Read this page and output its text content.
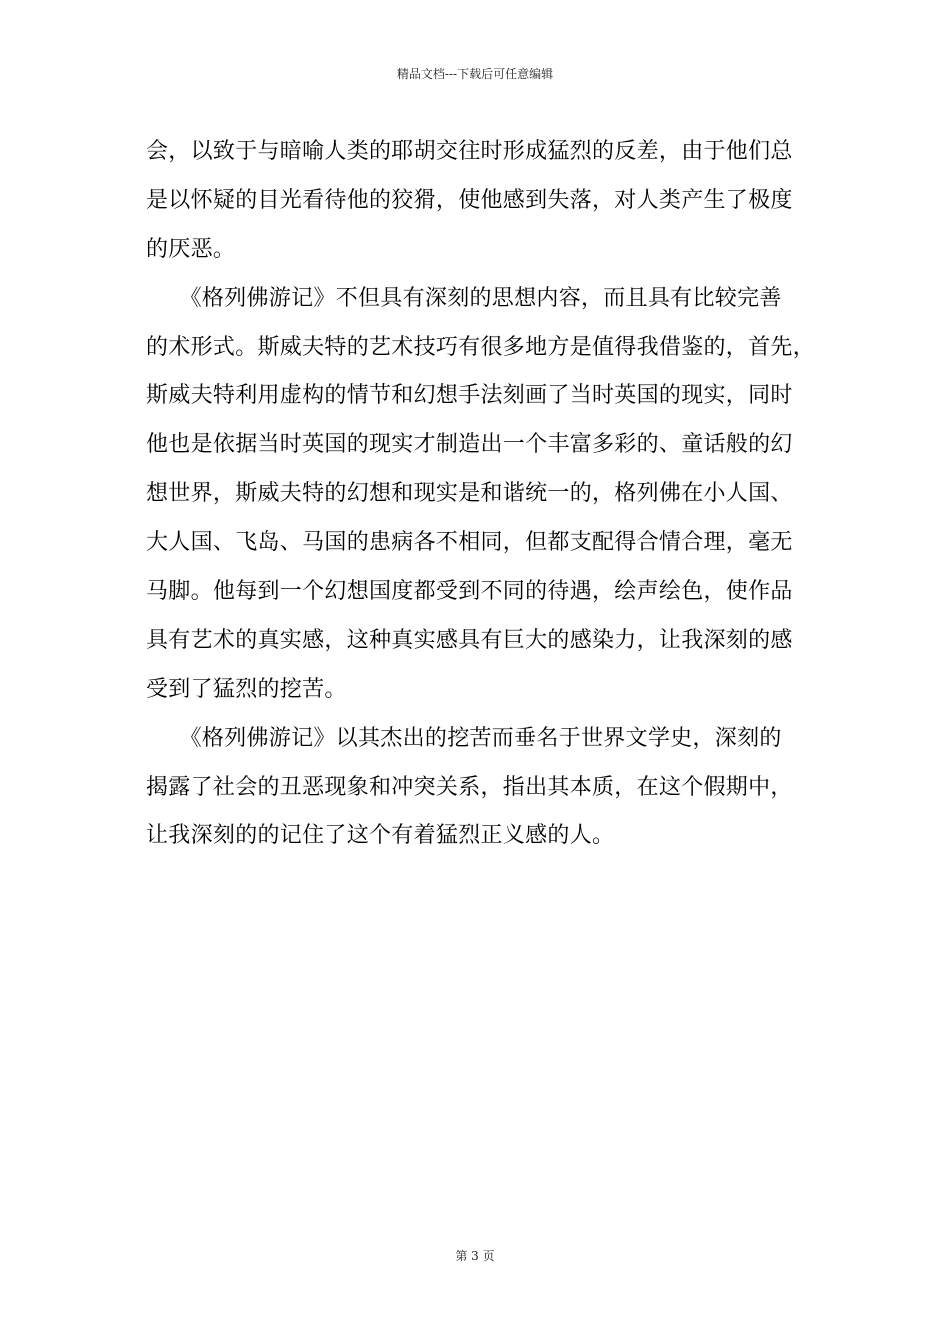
精品文档---下载后可任意编辑
会，以致于与暗喻人类的耶胡交往时形成猛烈的反差，由于他们总
是以怀疑的目光看待他的狡猾，使他感到失落，对人类产生了极度
的厌恶。
　　《格列佛游记》不但具有深刻的思想内容，而且具有比较完善
的术形式。斯威夫特的艺术技巧有很多地方是值得我借鉴的，首先，
斯威夫特利用虚构的情节和幻想手法刻画了当时英国的现实，同时
他也是依据当时英国的现实才制造出一个丰富多彩的、童话般的幻
想世界，斯威夫特的幻想和现实是和谐统一的，格列佛在小人国、
大人国、飞岛、马国的患病各不相同，但都支配得合情合理，毫无
马脚。他每到一个幻想国度都受到不同的待遇，绘声绘色，使作品
具有艺术的真实感，这种真实感具有巨大的感染力，让我深刻的感
受到了猛烈的挖苦。
　　《格列佛游记》以其杰出的挖苦而垂名于世界文学史，深刻的
揭露了社会的丑恶现象和冲突关系，指出其本质，在这个假期中，
让我深刻的的记住了这个有着猛烈正义感的人。
第 3 页
